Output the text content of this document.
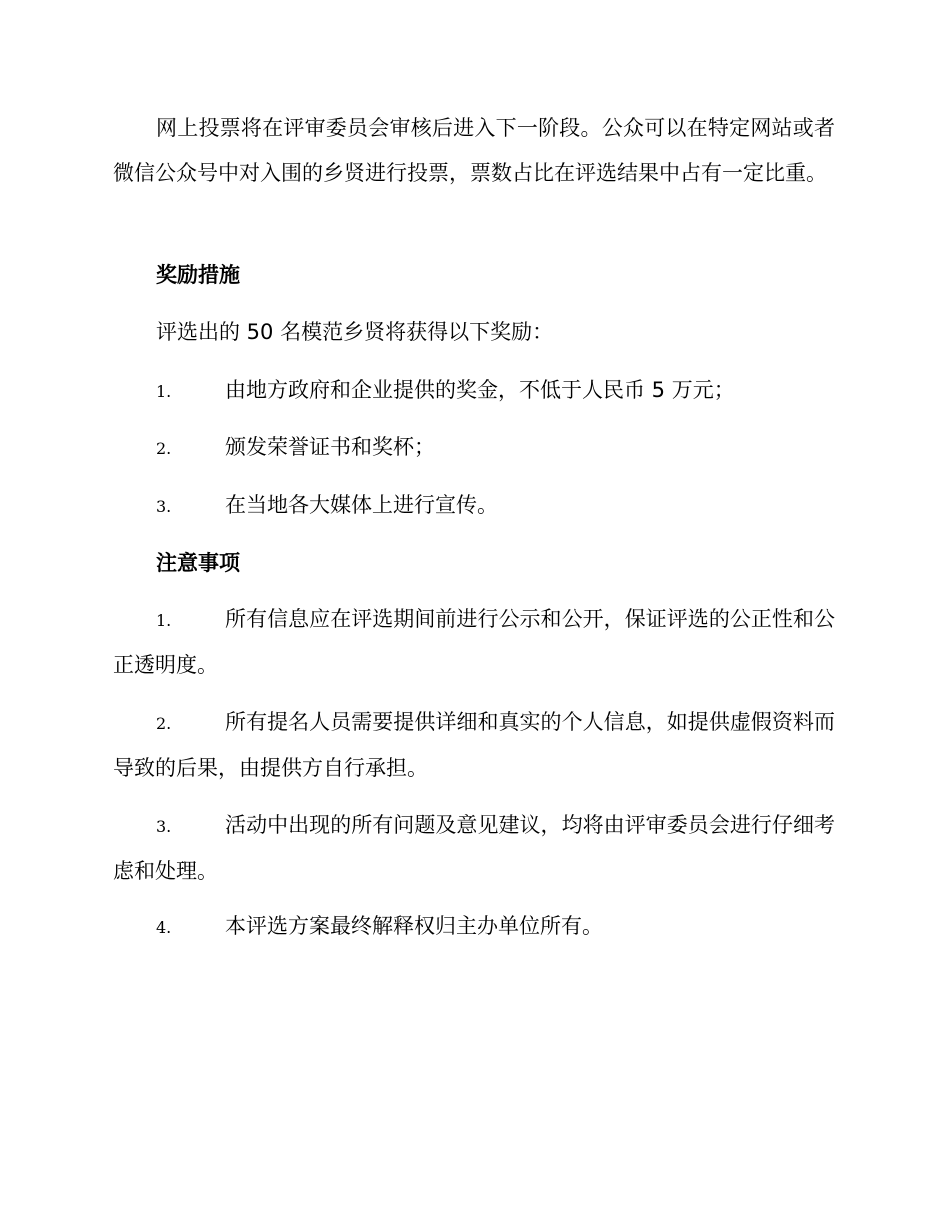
网上投票将在评审委员会审核后进入下一阶段。公众可以在特定网站或者微信公众号中对入围的乡贤进行投票，票数占比在评选结果中占有一定比重。

奖励措施

评选出的 50 名模范乡贤将获得以下奖励：

1.	由地方政府和企业提供的奖金，不低于人民币 5 万元；

2.	颁发荣誉证书和奖杯；

3.	在当地各大媒体上进行宣传。

注意事项

1.	所有信息应在评选期间前进行公示和公开，保证评选的公正性和公正透明度。

2.	所有提名人员需要提供详细和真实的个人信息，如提供虚假资料而导致的后果，由提供方自行承担。

3.	活动中出现的所有问题及意见建议，均将由评审委员会进行仔细考虑和处理。

4.	本评选方案最终解释权归主办单位所有。
